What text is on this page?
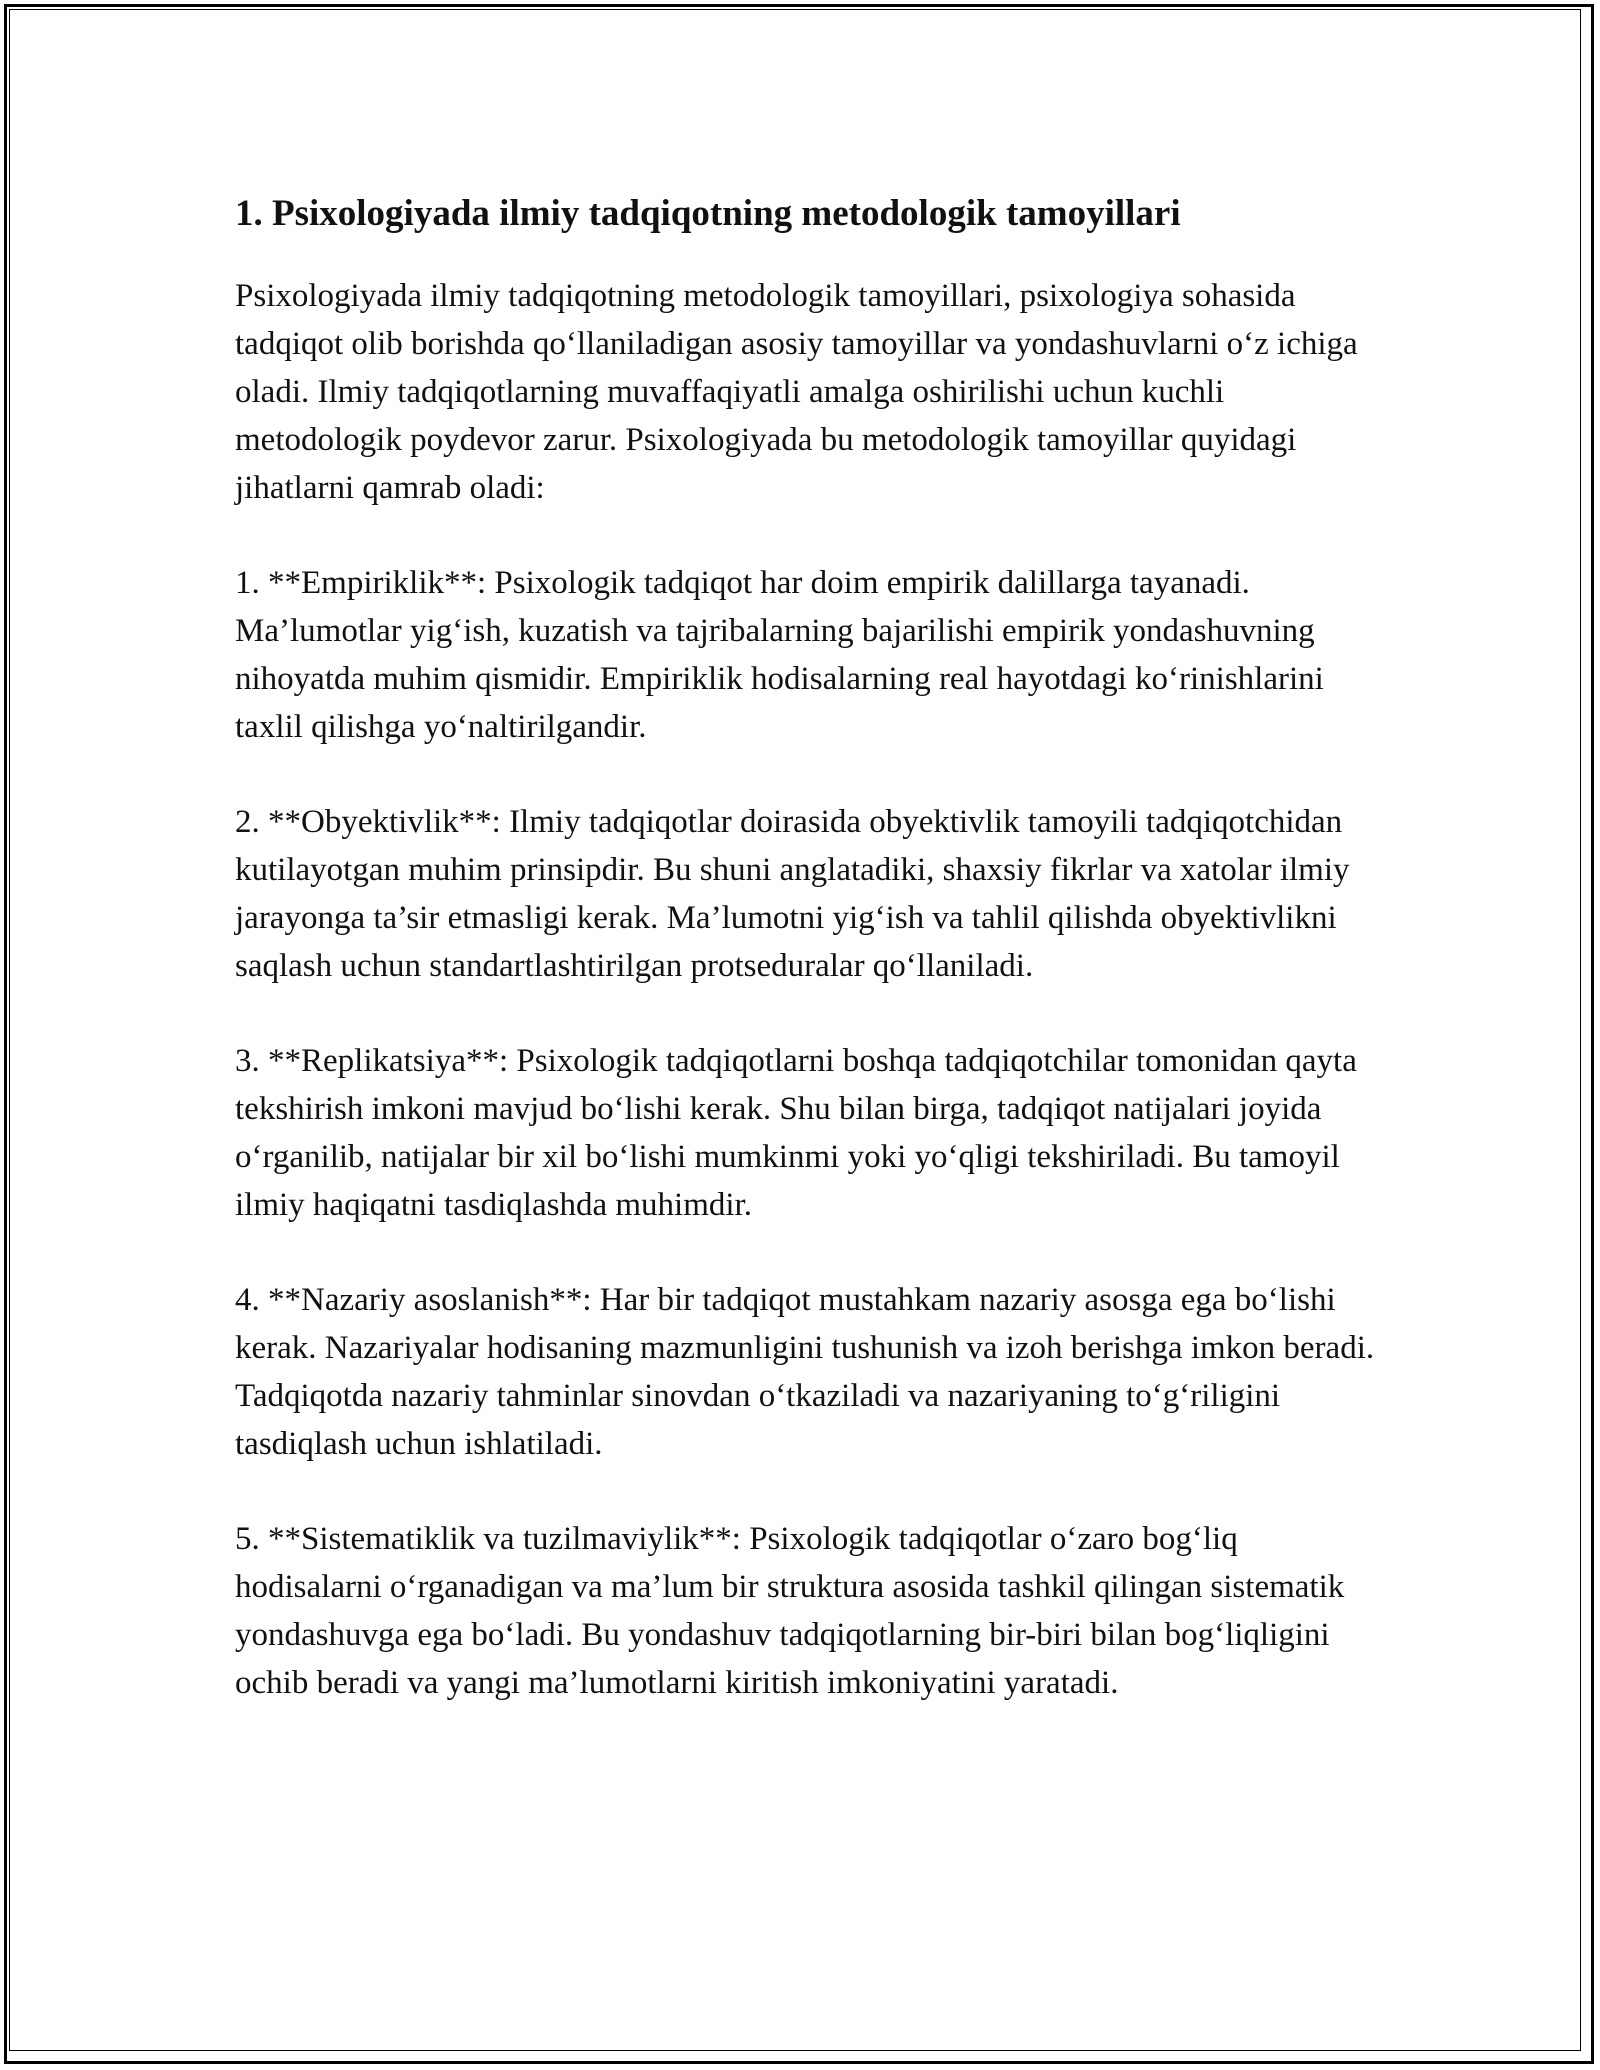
1. Psixologiyada ilmiy tadqiqotning metodologik tamoyillari

Psixologiyada ilmiy tadqiqotning metodologik tamoyillari, psixologiya sohasida tadqiqot olib borishda qo‘llaniladigan asosiy tamoyillar va yondashuvlarni o‘z ichiga oladi. Ilmiy tadqiqotlarning muvaffaqiyatli amalga oshirilishi uchun kuchli metodologik poydevor zarur. Psixologiyada bu metodologik tamoyillar quyidagi jihatlarni qamrab oladi:

1. **Empiriklik**: Psixologik tadqiqot har doim empirik dalillarga tayanadi. Ma’lumotlar yig‘ish, kuzatish va tajribalarning bajarilishi empirik yondashuvning nihoyatda muhim qismidir. Empiriklik hodisalarning real hayotdagi ko‘rinishlarini taxlil qilishga yo‘naltirilgandir.

2. **Obyektivlik**: Ilmiy tadqiqotlar doirasida obyektivlik tamoyili tadqiqotchidan kutilayotgan muhim prinsipdir. Bu shuni anglatadiki, shaxsiy fikrlar va xatolar ilmiy jarayonga ta’sir etmasligi kerak. Ma’lumotni yig‘ish va tahlil qilishda obyektivlikni saqlash uchun standartlashtirilgan protseduralar qo‘llaniladi.

3. **Replikatsiya**: Psixologik tadqiqotlarni boshqa tadqiqotchilar tomonidan qayta tekshirish imkoni mavjud bo‘lishi kerak. Shu bilan birga, tadqiqot natijalari joyida o‘rganilib, natijalar bir xil bo‘lishi mumkinmi yoki yo‘qligi tekshiriladi. Bu tamoyil ilmiy haqiqatni tasdiqlashda muhimdir.

4. **Nazariy asoslanish**: Har bir tadqiqot mustahkam nazariy asosga ega bo‘lishi kerak. Nazariyalar hodisaning mazmunligini tushunish va izoh berishga imkon beradi. Tadqiqotda nazariy tahminlar sinovdan o‘tkaziladi va nazariyaning to‘g‘riligini tasdiqlash uchun ishlatiladi.

5. **Sistematiklik va tuzilmaviylik**: Psixologik tadqiqotlar o‘zaro bog‘liq hodisalarni o‘rganadigan va ma’lum bir struktura asosida tashkil qilingan sistematik yondashuvga ega bo‘ladi. Bu yondashuv tadqiqotlarning bir-biri bilan bog‘liqligini ochib beradi va yangi ma’lumotlarni kiritish imkoniyatini yaratadi.
